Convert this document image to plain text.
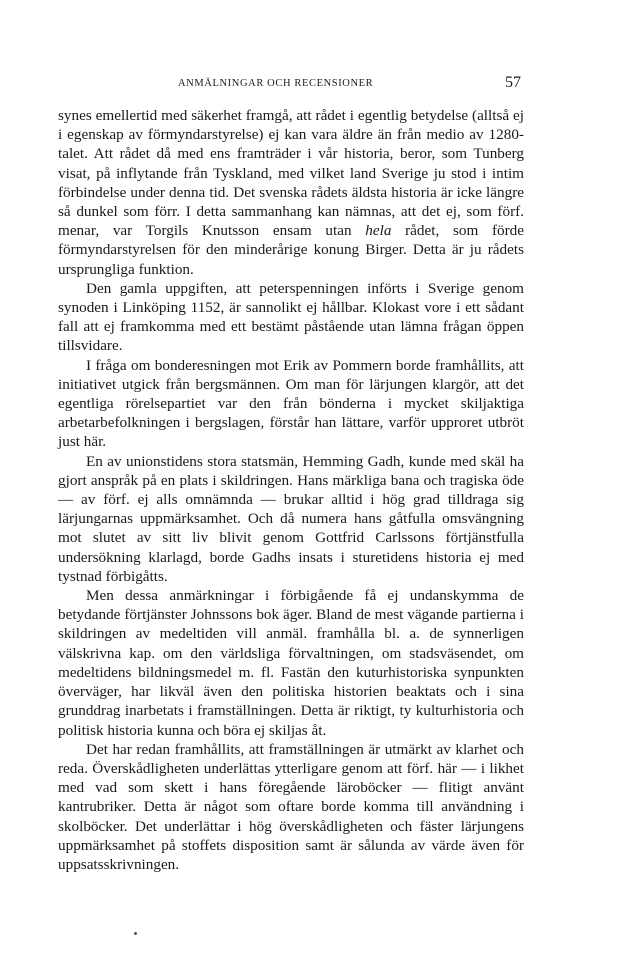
ANMÄLNINGAR OCH RECENSIONER	57

synes emellertid med säkerhet framgå, att rådet i egentlig betydelse (alltså ej i egenskap av förmyndarstyrelse) ej kan vara äldre än från medio av 1280-talet. Att rådet då med ens framträder i vår historia, beror, som Tunberg visat, på inflytande från Tyskland, med vilket land Sverige ju stod i intim förbindelse under denna tid. Det svenska rådets äldsta historia är icke längre så dunkel som förr. I detta sammanhang kan nämnas, att det ej, som förf. menar, var Torgils Knutsson ensam utan hela rådet, som förde förmyndarstyrelsen för den minderårige konung Birger. Detta är ju rådets ursprungliga funktion.

Den gamla uppgiften, att peterspenningen införts i Sverige genom synoden i Linköping 1152, är sannolikt ej hållbar. Klokast vore i ett sådant fall att ej framkomma med ett bestämt påstående utan lämna frågan öppen tillsvidare.

I fråga om bonderesningen mot Erik av Pommern borde framhållits, att initiativet utgick från bergsmännen. Om man för lärjungen klargör, att det egentliga rörelsepartiet var den från bönderna i mycket skiljaktiga arbetarbefolkningen i bergslagen, förstår han lättare, varför upproret utbröt just här.

En av unionstidens stora statsmän, Hemming Gadh, kunde med skäl ha gjort anspråk på en plats i skildringen. Hans märkliga bana och tragiska öde — av förf. ej alls omnämnda — brukar alltid i hög grad tilldraga sig lärjungarnas uppmärksamhet. Och då numera hans gåtfulla omsvängning mot slutet av sitt liv blivit genom Gottfrid Carlssons förtjänstfulla undersökning klarlagd, borde Gadhs insats i sturetidens historia ej med tystnad förbigåtts.

Men dessa anmärkningar i förbigående få ej undanskymma de betydande förtjänster Johnssons bok äger. Bland de mest vägande partierna i skildringen av medeltiden vill anmäl. framhålla bl. a. de synnerligen välskrivna kap. om den världsliga förvaltningen, om stadsväsendet, om medeltidens bildningsmedel m. fl. Fastän den kuturhistoriska synpunkten överväger, har likväl även den politiska historien beaktats och i sina grunddrag inarbetats i framställningen. Detta är riktigt, ty kulturhistoria och politisk historia kunna och böra ej skiljas åt.

Det har redan framhållits, att framställningen är utmärkt av klarhet och reda. Överskådligheten underlättas ytterligare genom att förf. här — i likhet med vad som skett i hans föregående läroböcker — flitigt använt kantrubriker. Detta är något som oftare borde komma till användning i skolböcker. Det underlättar i hög överskådligheten och fäster lärjungens uppmärksamhet på stoffets disposition samt är sålunda av värde även för uppsatsskrivningen.
